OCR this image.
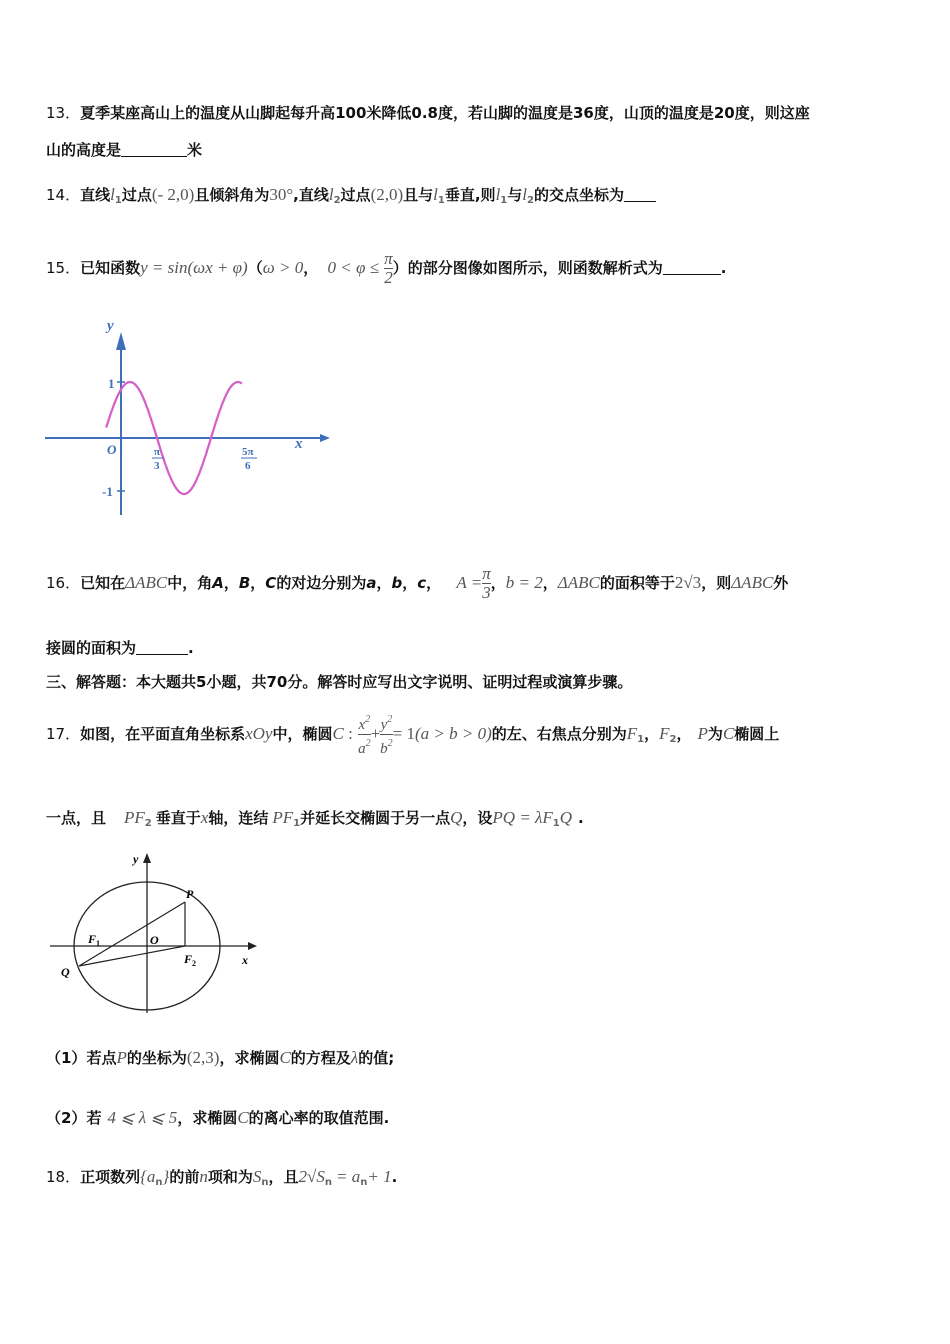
13．夏季某座高山上的温度从山脚起每升高100米降低0.8度，若山脚的温度是36度，山顶的温度是20度，则这座
山的高度是	米
14．直线$l_1$过点(- 2,0)且倾斜角为30°,直线$l_2$过点(2,0)且与$l_1$垂直,则$l_1$与$l_2$的交点坐标为
15．已知函数y = sin(ωx + φ)（ω > 0， $0 < \varphi \le \frac{\pi}{2}$ ）的部分图像如图所示，则函数解析式为	.
y
x
O
1
-1
π
3
5π
6
16．已知在ΔABC中，角A，B，C的对边分别为a，b，c， $A = \frac{\pi}{3}$ ，b = 2，ΔABC的面积等于2√3，则ΔABC外
接圆的面积为	.
三、解答题：本大题共5小题，共70分。解答时应写出文字说明、证明过程或演算步骤。
17．如图，在平面直角坐标系xOy中，椭圆C : $\frac{x^2}{a^2} + \frac{y^2}{b^2} = 1(a > b > 0)$的左、右焦点分别为$F_1$，$F_2$， P为C椭圆上
一点，且 $PF_2$ 垂直于x轴，连结 $PF_1$并延长交椭圆于另一点Q，设PQ = $\lambda F_1Q$ .
y
x
O
P
Q
F 1
F 2
（1）若点P的坐标为(2,3)，求椭圆C的方程及λ的值;
（2）若 4 ⩽ λ ⩽ 5，求椭圆C的离心率的取值范围.
18．正项数列$\{a_n\}$的前n项和为$S_n$，且$2√S_n = a_n+ 1$.
